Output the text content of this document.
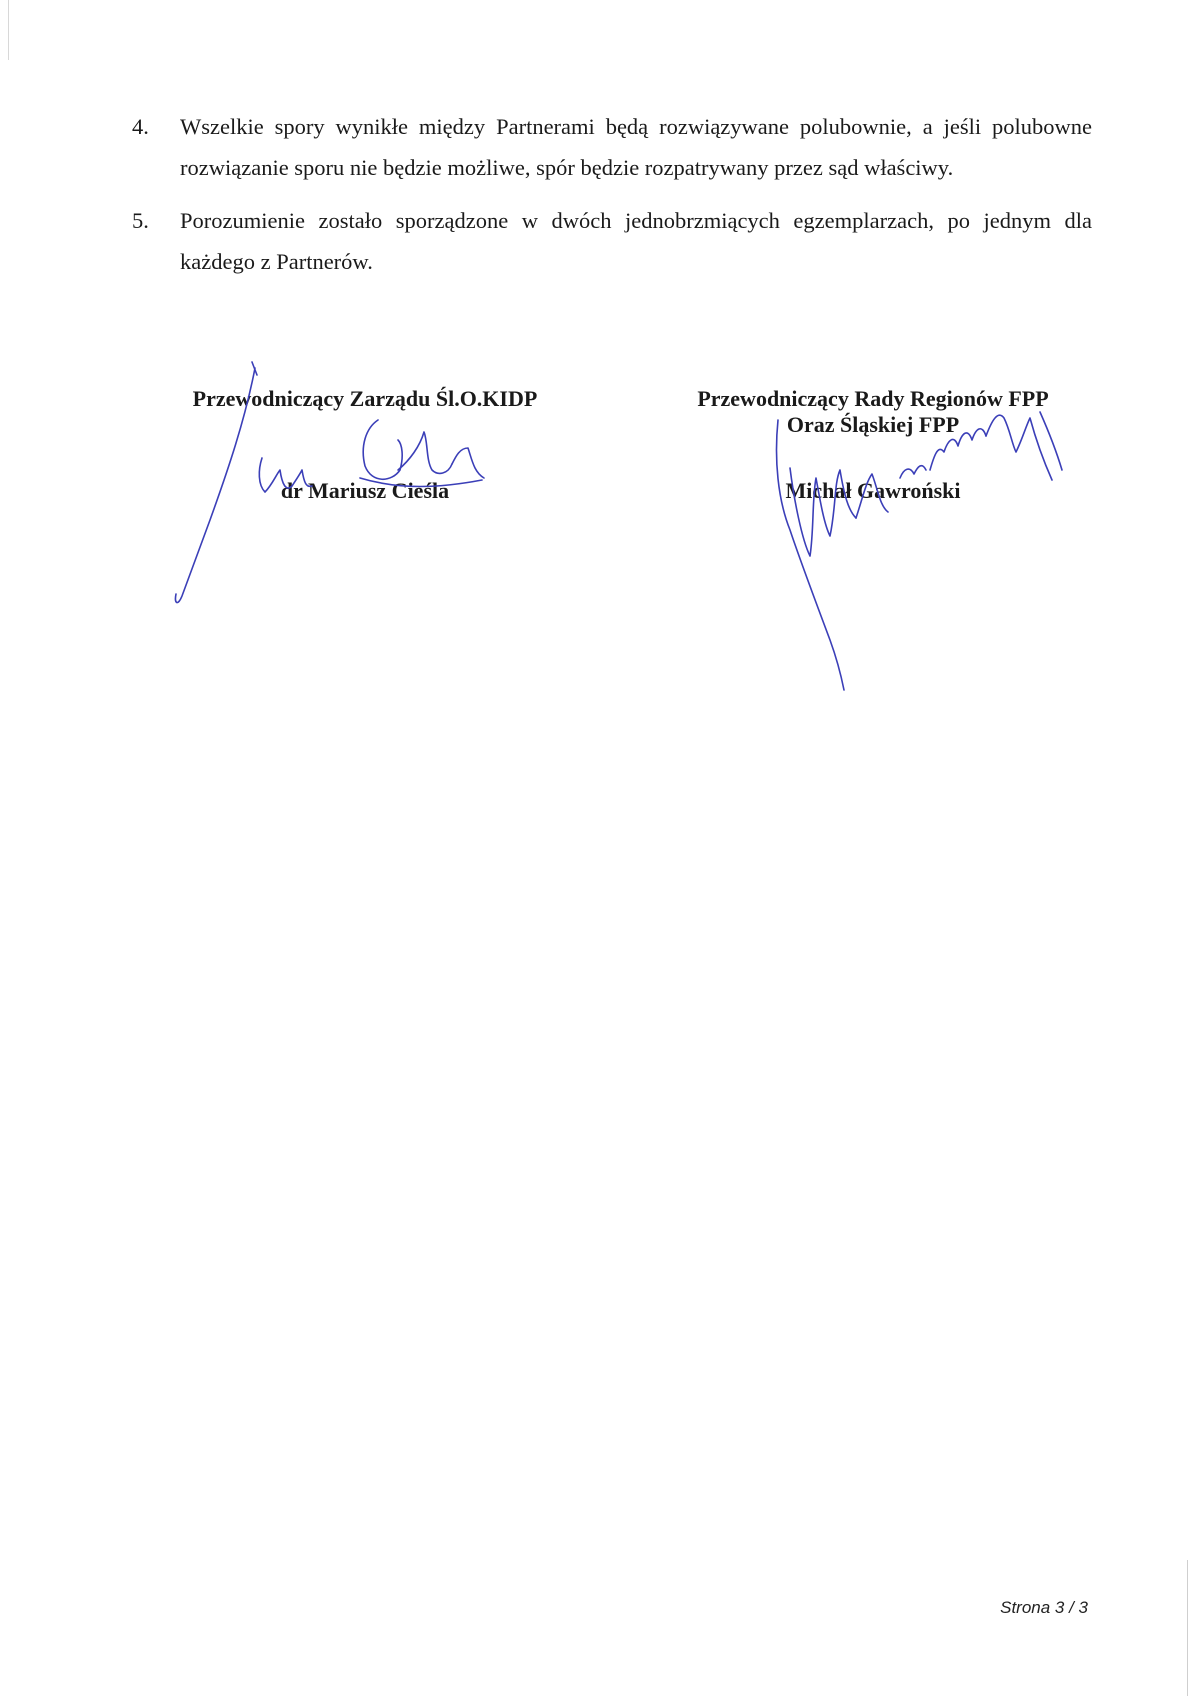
4. Wszelkie spory wynikłe między Partnerami będą rozwiązywane polubownie, a jeśli polubowne rozwiązanie sporu nie będzie możliwe, spór będzie rozpatrywany przez sąd właściwy.
5. Porozumienie zostało sporządzone w dwóch jednobrzmiących egzemplarzach, po jednym dla każdego z Partnerów.
Przewodniczący Zarządu Śl.O.KIDP
dr Mariusz Cieśla
Przewodniczący Rady Regionów FPP
Oraz Śląskiej FPP
Michał Gawroński
Strona 3 / 3
